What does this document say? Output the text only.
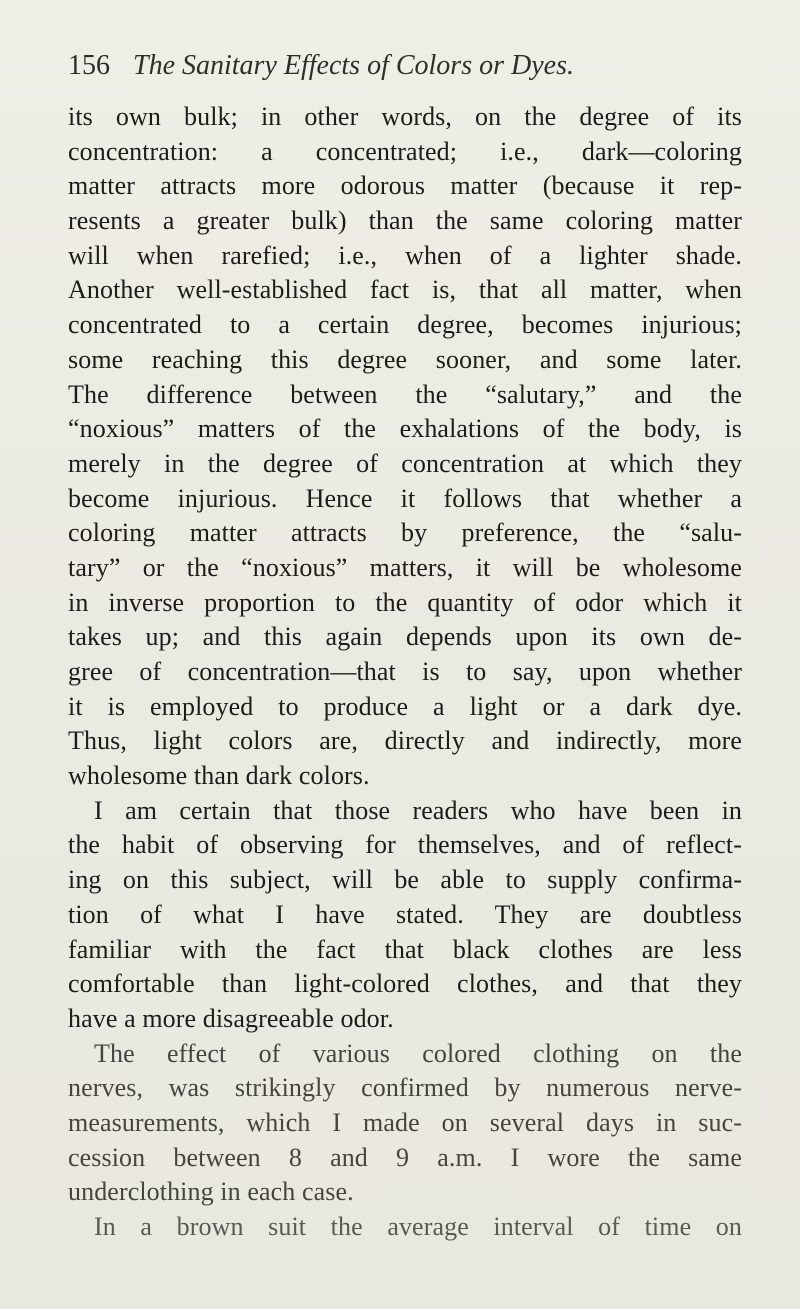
156 The Sanitary Effects of Colors or Dyes.
its own bulk; in other words, on the degree of its
concentration: a concentrated; i.e., dark—coloring
matter attracts more odorous matter (because it rep-
resents a greater bulk) than the same coloring matter
will when rarefied; i.e., when of a lighter shade.
Another well-established fact is, that all matter, when
concentrated to a certain degree, becomes injurious;
some reaching this degree sooner, and some later.
The difference between the “salutary,” and the
“noxious” matters of the exhalations of the body, is
merely in the degree of concentration at which they
become injurious. Hence it follows that whether a
coloring matter attracts by preference, the “salu-
tary” or the “noxious” matters, it will be wholesome
in inverse proportion to the quantity of odor which it
takes up; and this again depends upon its own de-
gree of concentration—that is to say, upon whether
it is employed to produce a light or a dark dye.
Thus, light colors are, directly and indirectly, more
wholesome than dark colors.
I am certain that those readers who have been in
the habit of observing for themselves, and of reflect-
ing on this subject, will be able to supply confirma-
tion of what I have stated. They are doubtless
familiar with the fact that black clothes are less
comfortable than light-colored clothes, and that they
have a more disagreeable odor.
The effect of various colored clothing on the
nerves, was strikingly confirmed by numerous nerve-
measurements, which I made on several days in suc-
cession between 8 and 9 a.m. I wore the same
underclothing in each case.
In a brown suit the average interval of time on
